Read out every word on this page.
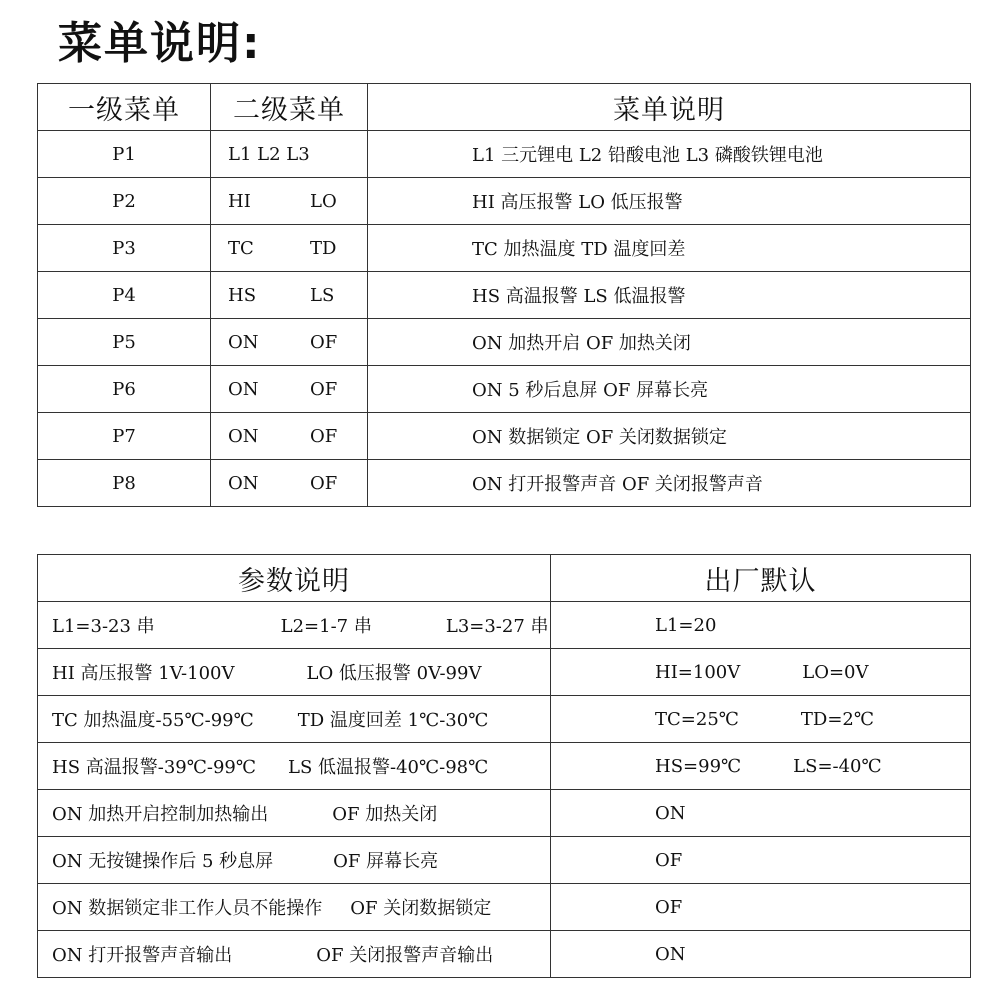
菜单说明:
一级菜单	二级菜单	菜单说明
P1	L1 L2 L3	L1 三元锂电 L2 铅酸电池 L3 磷酸铁锂电池
P2	HI LO	HI 高压报警 LO 低压报警
P3	TC TD	TC 加热温度 TD 温度回差
P4	HS LS	HS 高温报警 LS 低温报警
P5	ON OF	ON 加热开启 OF 加热关闭
P6	ON OF	ON 5 秒后息屏 OF 屏幕长亮
P7	ON OF	ON 数据锁定 OF 关闭数据锁定
P8	ON OF	ON 打开报警声音 OF 关闭报警声音
参数说明	出厂默认
L1=3-23 串 L2=1-7 串 L3=3-27 串	L1=20
HI 高压报警 1V-100V LO 低压报警 0V-99V	HI=100V LO=0V
TC 加热温度-55℃-99℃ TD 温度回差 1℃-30℃	TC=25℃ TD=2℃
HS 高温报警-39℃-99℃ LS 低温报警-40℃-98℃	HS=99℃ LS=-40℃
ON 加热开启控制加热输出 OF 加热关闭	ON
ON 无按键操作后 5 秒息屏 OF 屏幕长亮	OF
ON 数据锁定非工作人员不能操作 OF 关闭数据锁定	OF
ON 打开报警声音输出 OF 关闭报警声音输出	ON
